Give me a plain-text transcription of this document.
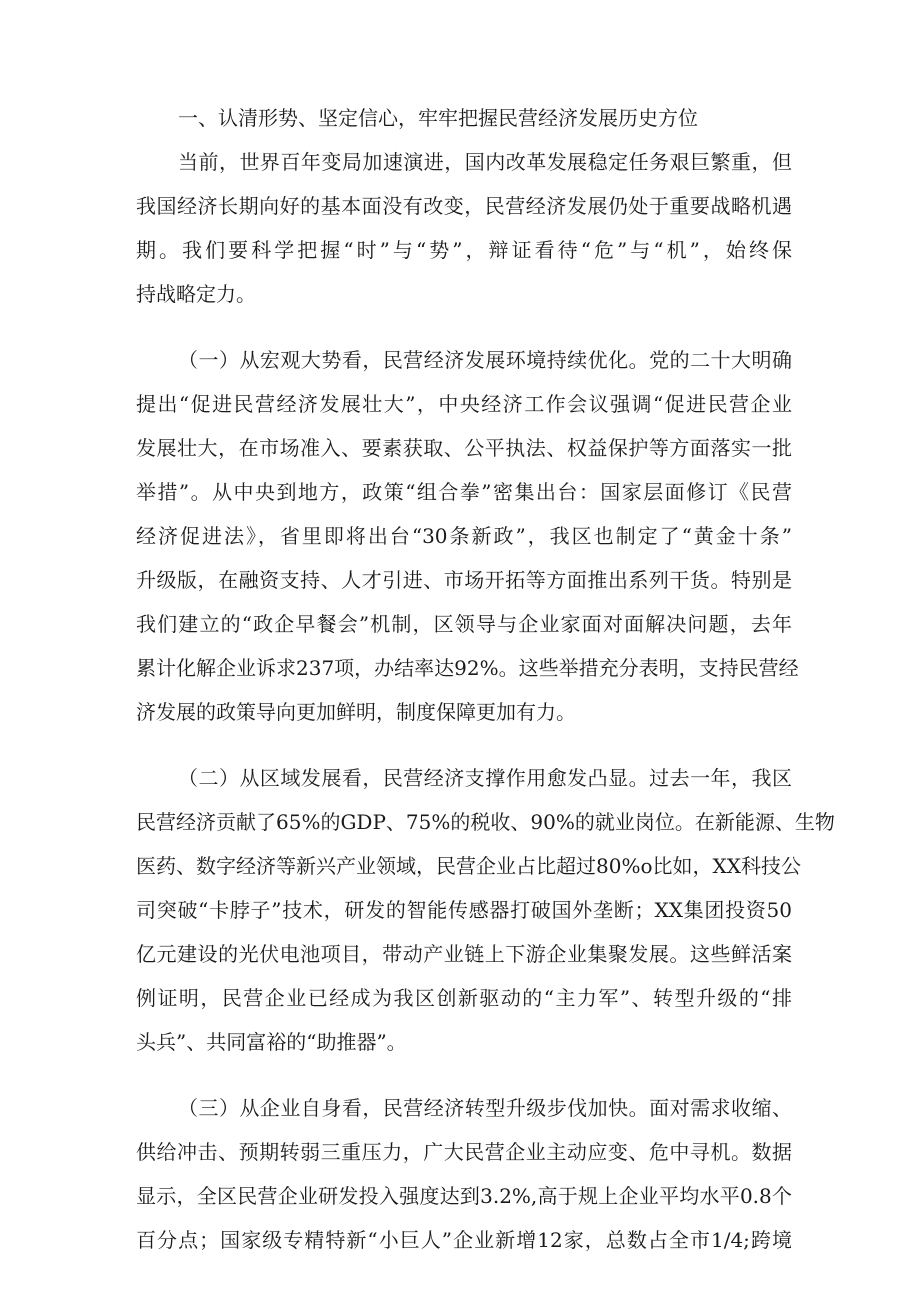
一、认清形势、坚定信心，牢牢把握民营经济发展历史方位

当前，世界百年变局加速演进，国内改革发展稳定任务艰巨繁重，但
我国经济长期向好的基本面没有改变，民营经济发展仍处于重要战略机遇
期。我们要科学把握“时”与“势”，辩证看待“危”与“机”，始终保
持战略定力。

（一）从宏观大势看，民营经济发展环境持续优化。党的二十大明确
提出“促进民营经济发展壮大”，中央经济工作会议强调“促进民营企业
发展壮大，在市场准入、要素获取、公平执法、权益保护等方面落实一批
举措”。从中央到地方，政策“组合拳”密集出台：国家层面修订《民营
经济促进法》，省里即将出台“30条新政”，我区也制定了“黄金十条”
升级版，在融资支持、人才引进、市场开拓等方面推出系列干货。特别是
我们建立的“政企早餐会”机制，区领导与企业家面对面解决问题，去年
累计化解企业诉求237项，办结率达92%。这些举措充分表明，支持民营经
济发展的政策导向更加鲜明，制度保障更加有力。

（二）从区域发展看，民营经济支撑作用愈发凸显。过去一年，我区
民营经济贡献了65%的GDP、75%的税收、90%的就业岗位。在新能源、生物
医药、数字经济等新兴产业领域，民营企业占比超过80%o比如，XX科技公
司突破“卡脖子”技术，研发的智能传感器打破国外垄断；XX集团投资50
亿元建设的光伏电池项目，带动产业链上下游企业集聚发展。这些鲜活案
例证明，民营企业已经成为我区创新驱动的“主力军”、转型升级的“排
头兵”、共同富裕的“助推器”。

（三）从企业自身看，民营经济转型升级步伐加快。面对需求收缩、
供给冲击、预期转弱三重压力，广大民营企业主动应变、危中寻机。数据
显示，全区民营企业研发投入强度达到3.2%,高于规上企业平均水平0.8个
百分点；国家级专精特新“小巨人”企业新增12家，总数占全市1/4;跨境
